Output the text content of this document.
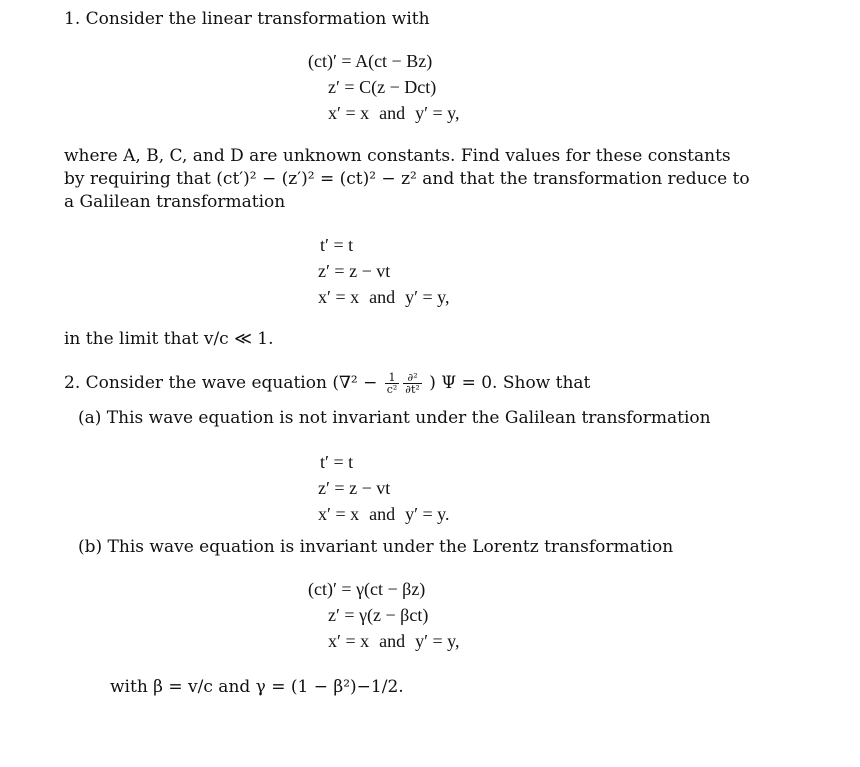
1. Consider the linear transformation with
(ct)′ = A(ct − Bz)
z′ = C(z − Dct)
x′ = x and y′ = y,
where A, B, C, and D are unknown constants. Find values for these constants by requiring that (ct′)² − (z′)² = (ct)² − z² and that the transformation reduce to a Galilean transformation
t′ = t
z′ = z − vt
x′ = x and y′ = y,
in the limit that v/c ≪ 1.
2. Consider the wave equation ($\nabla^2 - \frac{1}{\text{c²}} \frac{\text{∂²}}{\text{∂t²}}$ ) Ψ = 0. Show that
(a) This wave equation is not invariant under the Galilean transformation
t′ = t
z′ = z − vt
x′ = x and y′ = y.
(b) This wave equation is invariant under the Lorentz transformation
(ct)′ = γ(ct − βz)
z′ = γ(z − βct)
x′ = x and y′ = y,
with β = v/c and γ = (1 − β²)−1/2.
